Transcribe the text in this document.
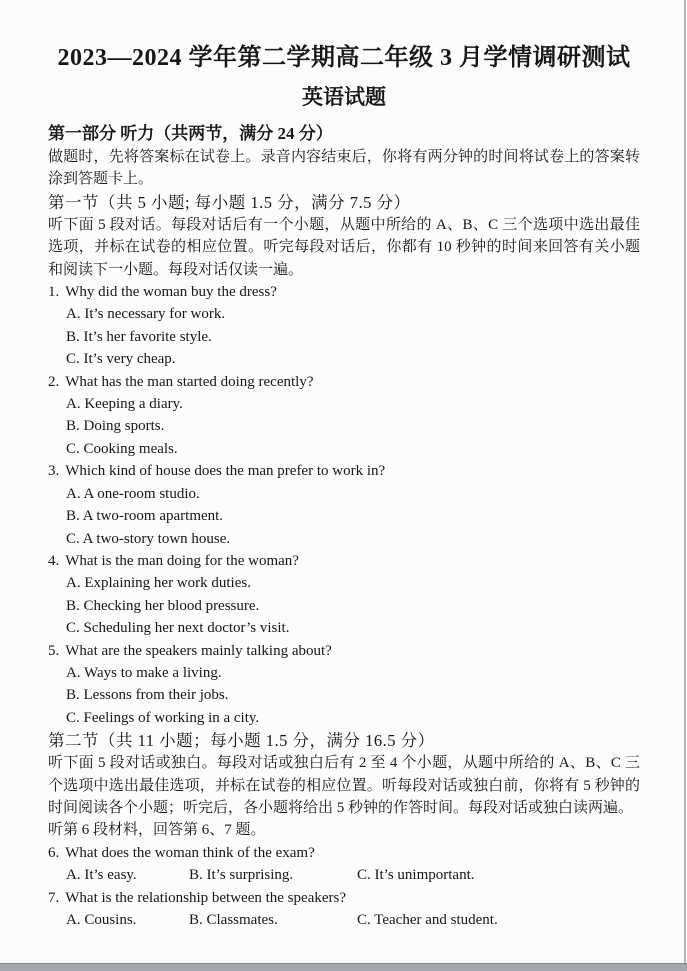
2023—2024 学年第二学期高二年级 3 月学情调研测试
英语试题
第一部分 听力（共两节，满分 24 分）
做题时，先将答案标在试卷上。录音内容结束后，你将有两分钟的时间将试卷上的答案转涂到答题卡上。
第一节（共 5 小题; 每小题 1.5 分，满分 7.5 分）
听下面 5 段对话。每段对话后有一个小题，从题中所给的 A、B、C 三个选项中选出最佳选项，并标在试卷的相应位置。听完每段对话后，你都有 10 秒钟的时间来回答有关小题和阅读下一小题。每段对话仅读一遍。
1. Why did the woman buy the dress?
A. It’s necessary for work.
B. It’s her favorite style.
C. It’s very cheap.
2. What has the man started doing recently?
A. Keeping a diary.
B. Doing sports.
C. Cooking meals.
3. Which kind of house does the man prefer to work in?
A. A one-room studio.
B. A two-room apartment.
C. A two-story town house.
4. What is the man doing for the woman?
A. Explaining her work duties.
B. Checking her blood pressure.
C. Scheduling her next doctor’s visit.
5. What are the speakers mainly talking about?
A. Ways to make a living.
B. Lessons from their jobs.
C. Feelings of working in a city.
第二节（共 11 小题；每小题 1.5 分，满分 16.5 分）
听下面 5 段对话或独白。每段对话或独白后有 2 至 4 个小题，从题中所给的 A、B、C 三个选项中选出最佳选项，并标在试卷的相应位置。听每段对话或独白前，你将有 5 秒钟的时间阅读各个小题；听完后，各小题将给出 5 秒钟的作答时间。每段对话或独白读两遍。
听第 6 段材料，回答第 6、7 题。
6. What does the woman think of the exam?
A. It’s easy.	B. It’s surprising.	C. It’s unimportant.
7. What is the relationship between the speakers?
A. Cousins.	B. Classmates.	C. Teacher and student.
